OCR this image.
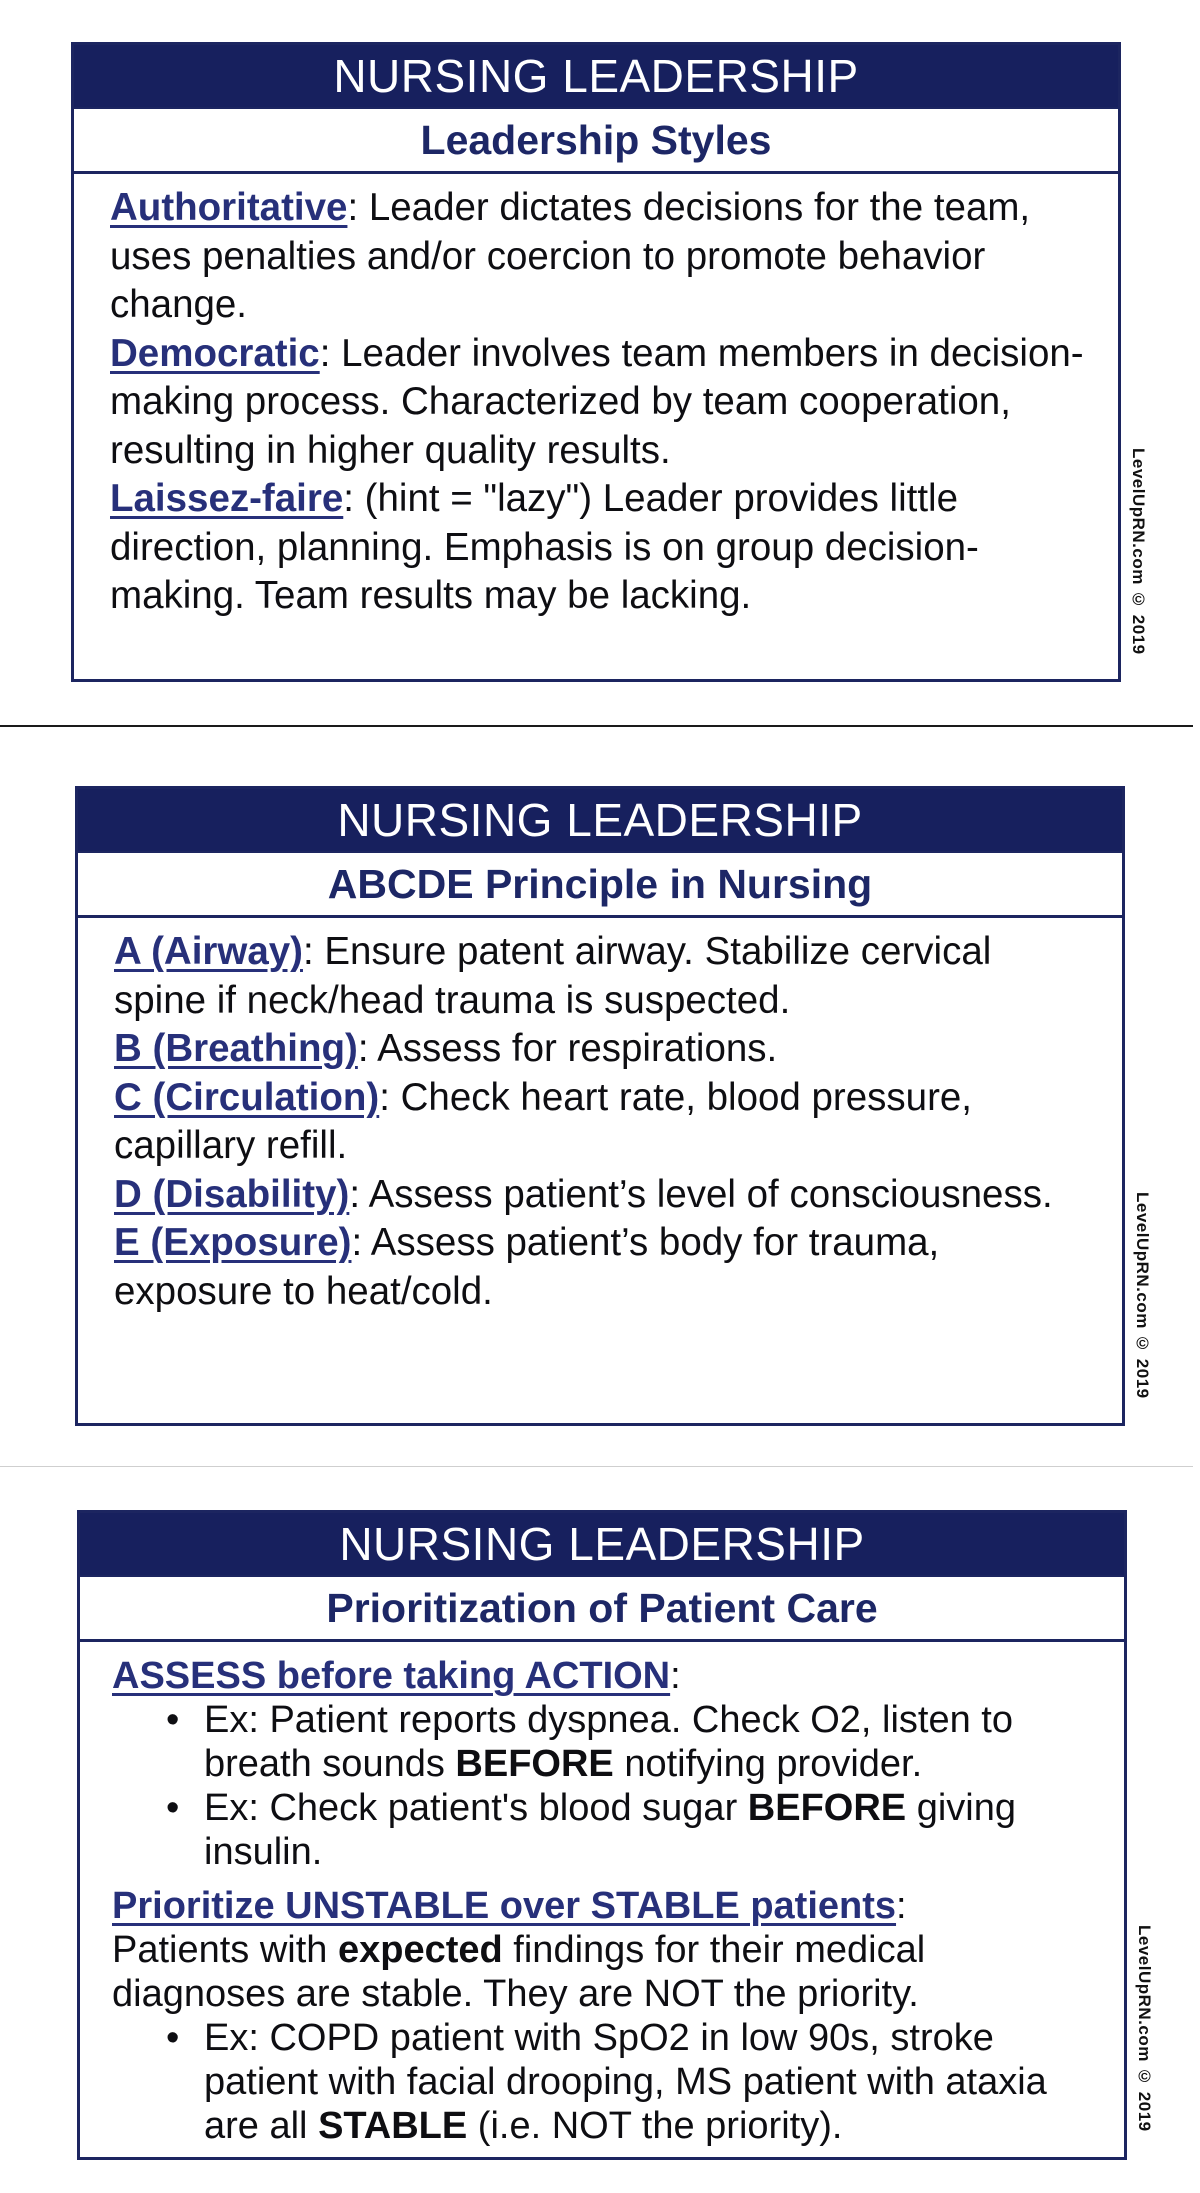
NURSING LEADERSHIP
Leadership Styles

Authoritative: Leader dictates decisions for the team, uses penalties and/or coercion to promote behavior change.

Democratic: Leader involves team members in decision-making process. Characterized by team cooperation, resulting in higher quality results.

Laissez-faire: (hint = "lazy") Leader provides little direction, planning. Emphasis is on group decision-making. Team results may be lacking.	LevelUpRN.com © 2019
NURSING LEADERSHIP
ABCDE Principle in Nursing

A (Airway): Ensure patent airway. Stabilize cervical spine if neck/head trauma is suspected.

B (Breathing): Assess for respirations.

C (Circulation): Check heart rate, blood pressure, capillary refill.

D (Disability): Assess patient’s level of consciousness.

E (Exposure): Assess patient’s body for trauma, exposure to heat/cold.	LevelUpRN.com © 2019
NURSING LEADERSHIP
Prioritization of Patient Care
ASSESS before taking ACTION:
• Ex: Patient reports dyspnea. Check O2, listen to breath sounds BEFORE notifying provider.
• Ex: Check patient's blood sugar BEFORE giving insulin.
Prioritize UNSTABLE over STABLE patients:
Patients with expected findings for their medical diagnoses are stable. They are NOT the priority.
• Ex: COPD patient with SpO2 in low 90s, stroke patient with facial drooping, MS patient with ataxia are all STABLE (i.e. NOT the priority).	LevelUpRN.com © 2019
